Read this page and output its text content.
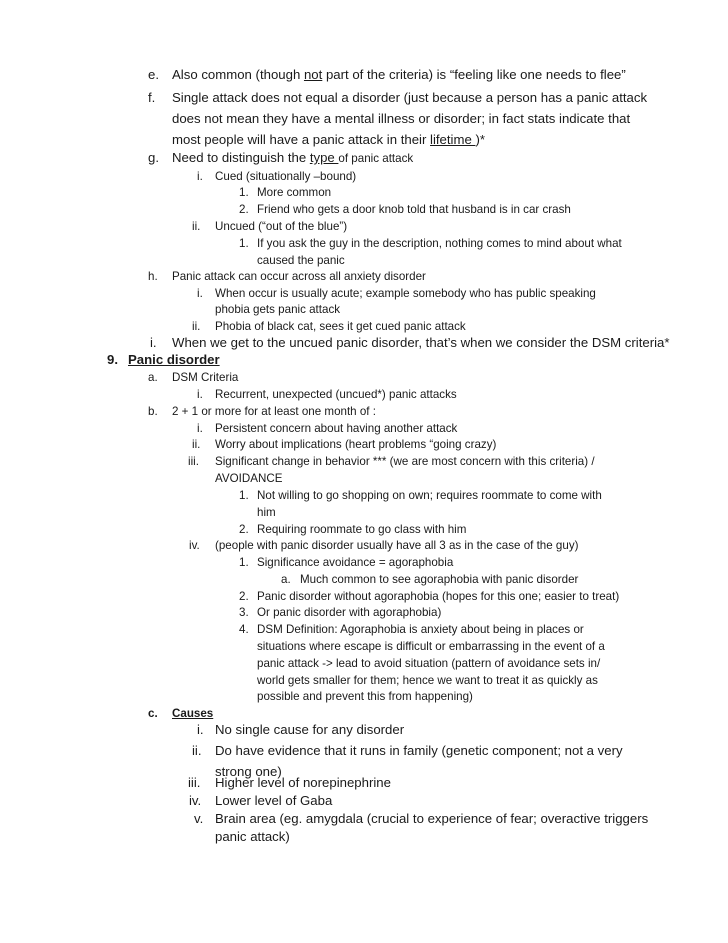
e. Also common (though not part of the criteria) is “feeling like one needs to flee”
f.	Single attack does not equal a disorder (just because a person has a panic attack
does not mean they have a mental illness or disorder; in fact stats indicate that
most people will have a panic attack in their lifetime )*
g. Need to distinguish the type of panic attack
i.	Cued (situationally –bound)
1. More common
2. Friend who gets a door knob told that husband is in car crash
ii.	Uncued (“out of the blue”)
1. If you ask the guy in the description, nothing comes to mind about what
caused the panic
h.	Panic attack can occur across all anxiety disorder
i.	When occur is usually acute; example somebody who has public speaking
phobia gets panic attack
ii.	Phobia of black cat, sees it get cued panic attack
i.	When we get to the uncued panic disorder, that’s when we consider the DSM criteria*
9. Panic disorder
a.	DSM Criteria
i.	Recurrent, unexpected (uncued*) panic attacks
b.	2 + 1 or more for at least one month of :
i.	Persistent concern about having another attack
ii.	Worry about implications (heart problems “going crazy)
iii.	Significant change in behavior *** (we are most concern with this criteria) /
AVOIDANCE
1. Not willing to go shopping on own; requires roommate to come with
him
2. Requiring roommate to go class with him
iv.	(people with panic disorder usually have all 3 as in the case of the guy)
1. Significance avoidance = agoraphobia
a. Much common to see agoraphobia with panic disorder
2. Panic disorder without agoraphobia (hopes for this one; easier to treat)
3. Or panic disorder with agoraphobia)
4. DSM Definition: Agoraphobia is anxiety about being in places or
situations where escape is difficult or embarrassing in the event of a
panic attack -> lead to avoid situation (pattern of avoidance sets in/
world gets smaller for them; hence we want to treat it as quickly as
possible and prevent this from happening)
c.	Causes
i. No single cause for any disorder
ii.	Do have evidence that it runs in family (genetic component; not a very
strong one)
iii.	Higher level of norepinephrine
iv.	Lower level of Gaba
v. Brain area (eg. amygdala (crucial to experience of fear; overactive triggers
panic attack)
